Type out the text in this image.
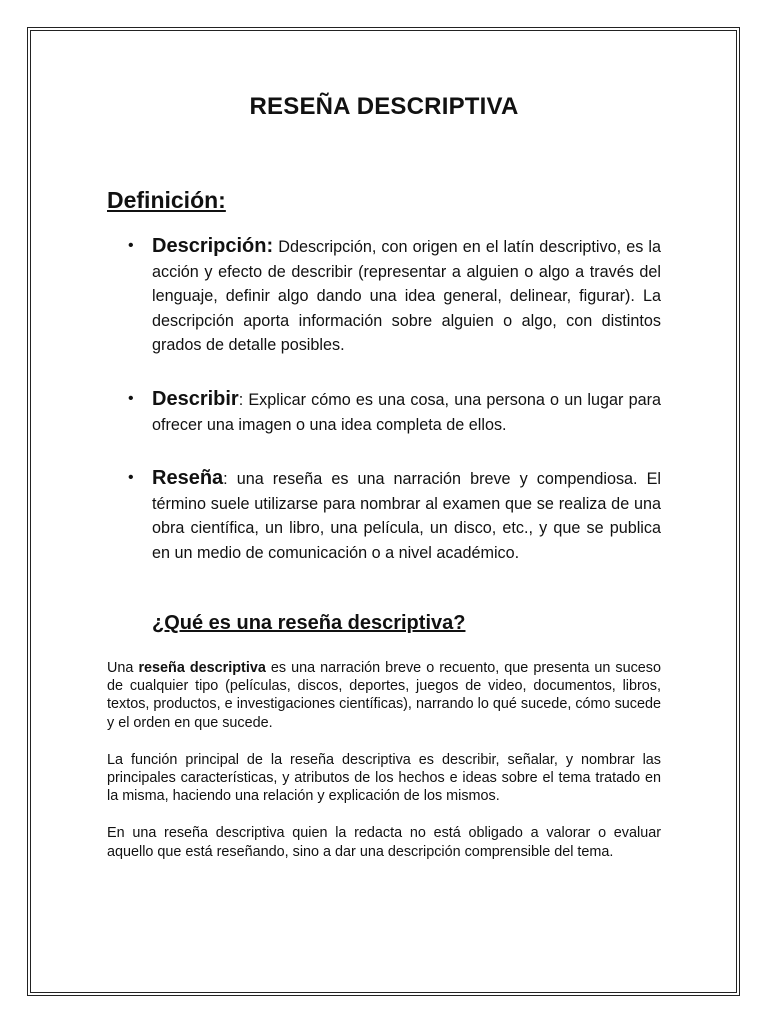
RESEÑA DESCRIPTIVA
Definición:
• Descripción: Ddescripción, con origen en el latín descriptivo, es la acción y efecto de describir (representar a alguien o algo a través del lenguaje, definir algo dando una idea general, delinear, figurar). La descripción aporta información sobre alguien o algo, con distintos grados de detalle posibles.
• Describir: Explicar cómo es una cosa, una persona o un lugar para ofrecer una imagen o una idea completa de ellos.
• Reseña: una reseña es una narración breve y compendiosa. El término suele utilizarse para nombrar al examen que se realiza de una obra científica, un libro, una película, un disco, etc., y que se publica en un medio de comunicación o a nivel académico.
¿Qué es una reseña descriptiva?

Una reseña descriptiva es una narración breve o recuento, que presenta un suceso de cualquier tipo (películas, discos, deportes, juegos de video, documentos, libros, textos, productos, e investigaciones científicas), narrando lo qué sucede, cómo sucede y el orden en que sucede.

La función principal de la reseña descriptiva es describir, señalar, y nombrar las principales características, y atributos de los hechos e ideas sobre el tema tratado en la misma, haciendo una relación y explicación de los mismos.

En una reseña descriptiva quien la redacta no está obligado a valorar o evaluar aquello que está reseñando, sino a dar una descripción comprensible del tema.
